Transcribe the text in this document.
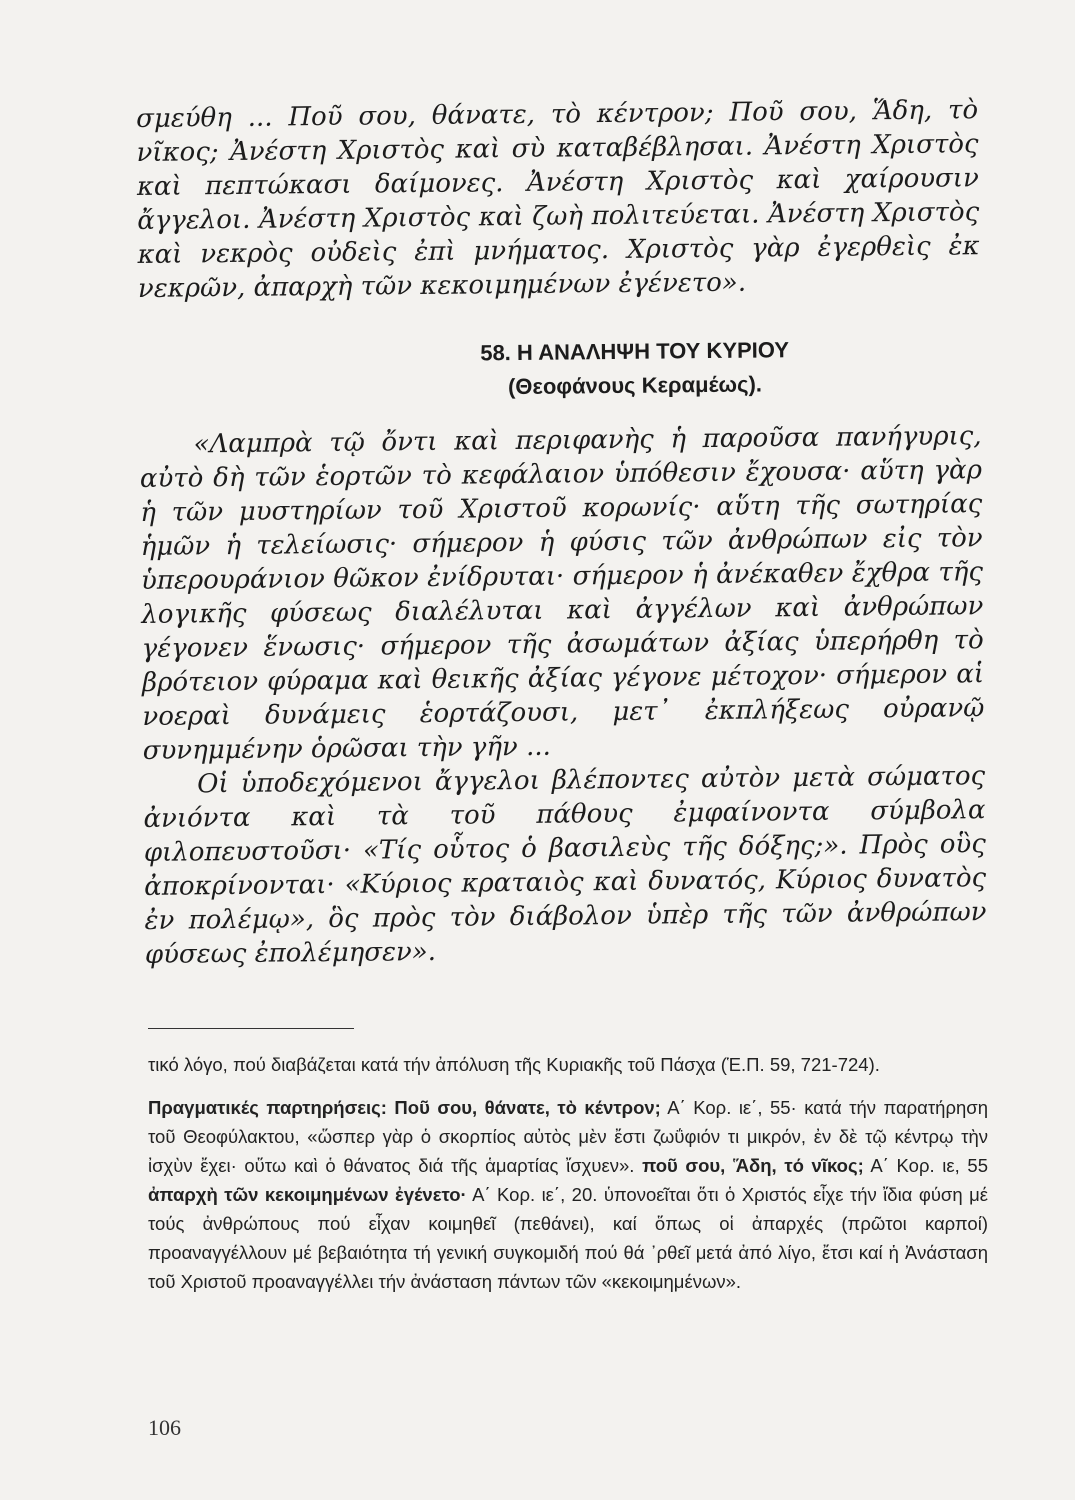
σμεύθη ... Ποῦ σου, θάνατε, τὸ κέντρον; Ποῦ σου, Ἅδη, τὸ νῖκος; Ἀνέστη Χριστὸς καὶ σὺ καταβέβλησαι. Ἀνέστη Χριστὸς καὶ πεπτώκασι δαίμονες. Ἀνέστη Χριστὸς καὶ χαίρουσιν ἄγγελοι. Ἀνέστη Χριστὸς καὶ ζωὴ πολιτεύεται. Ἀνέστη Χριστὸς καὶ νεκρὸς οὐδεὶς ἐπὶ μνήματος. Χριστὸς γὰρ ἐγερθεὶς ἐκ νεκρῶν, ἀπαρχὴ τῶν κεκοιμημένων ἐγένετο».

58. Η ΑΝΑΛΗΨΗ ΤΟΥ ΚΥΡΙΟΥ
(Θεοφάνους Κεραμέως).

«Λαμπρὰ τῷ ὄντι καὶ περιφανὴς ἡ παροῦσα πανήγυρις, αὐτὸ δὴ τῶν ἑορτῶν τὸ κεφάλαιον ὑπόθεσιν ἔχουσα· αὕτη γὰρ ἡ τῶν μυστηρίων τοῦ Χριστοῦ κορωνίς· αὕτη τῆς σωτηρίας ἡμῶν ἡ τελείωσις· σήμερον ἡ φύσις τῶν ἀνθρώπων εἰς τὸν ὑπερουράνιον θῶκον ἐνίδρυται· σήμερον ἡ ἀνέκαθεν ἔχθρα τῆς λογικῆς φύσεως διαλέλυται καὶ ἀγγέλων καὶ ἀνθρώπων γέγονεν ἕνωσις· σήμερον τῆς ἀσωμάτων ἀξίας ὑπερήρθη τὸ βρότειον φύραμα καὶ θεικῆς ἀξίας γέγονε μέτοχον· σήμερον αἱ νοεραὶ δυνάμεις ἑορτάζουσι, μετ᾿ ἐκπλήξεως οὐρανῷ συνημμένην ὁρῶσαι τὴν γῆν ...

Οἱ ὑποδεχόμενοι ἄγγελοι βλέποντες αὐτὸν μετὰ σώματος ἀνιόντα καὶ τὰ τοῦ πάθους ἐμφαίνοντα σύμβολα φιλοπευστοῦσι· «Τίς οὗτος ὁ βασιλεὺς τῆς δόξης;». Πρὸς οὓς ἀποκρίνονται· «Κύριος κραταιὸς καὶ δυνατός, Κύριος δυνατὸς ἐν πολέμῳ», ὃς πρὸς τὸν διάβολον ὑπὲρ τῆς τῶν ἀνθρώπων φύσεως ἐπολέμησεν».

τικό λόγο, πού διαβάζεται κατά τήν ἀπόλυση τῆς Κυριακῆς τοῦ Πάσχα (Ἑ.Π. 59, 721-724).

Πραγματικές παρτηρήσεις: Ποῦ σου, θάνατε, τὸ κέντρον; Α΄ Κορ. ιε΄, 55· κατά τήν παρατήρηση τοῦ Θεοφύλακτου, «ὥσπερ γὰρ ὁ σκορπίος αὐτὸς μὲν ἔστι ζωΰφιόν τι μικρόν, ἐν δὲ τῷ κέντρῳ τὴν ἰσχὺν ἔχει· οὕτω καὶ ὁ θάνατος διά τῆς ἁμαρτίας ἴσχυεν». ποῦ σου, Ἅδη, τό νῖκος; Α΄ Κορ. ιε, 55 ἀπαρχὴ τῶν κεκοιμημένων ἐγένετο· Α΄ Κορ. ιε΄, 20. ὑπονοεῖται ὅτι ὁ Χριστός εἶχε τήν ἴδια φύση μέ τούς ἀνθρώπους πού εἶχαν κοιμηθεῖ (πεθάνει), καί ὅπως οἱ ἀπαρχές (πρῶτοι καρποί) προαναγγέλλουν μέ βεβαιότητα τή γενική συγκομιδή πού θά ᾿ρθεῖ μετά ἀπό λίγο, ἔτσι καί ἡ Ἀνάσταση τοῦ Χριστοῦ προαναγγέλλει τήν ἀνάσταση πάντων τῶν «κεκοιμημένων».

106
